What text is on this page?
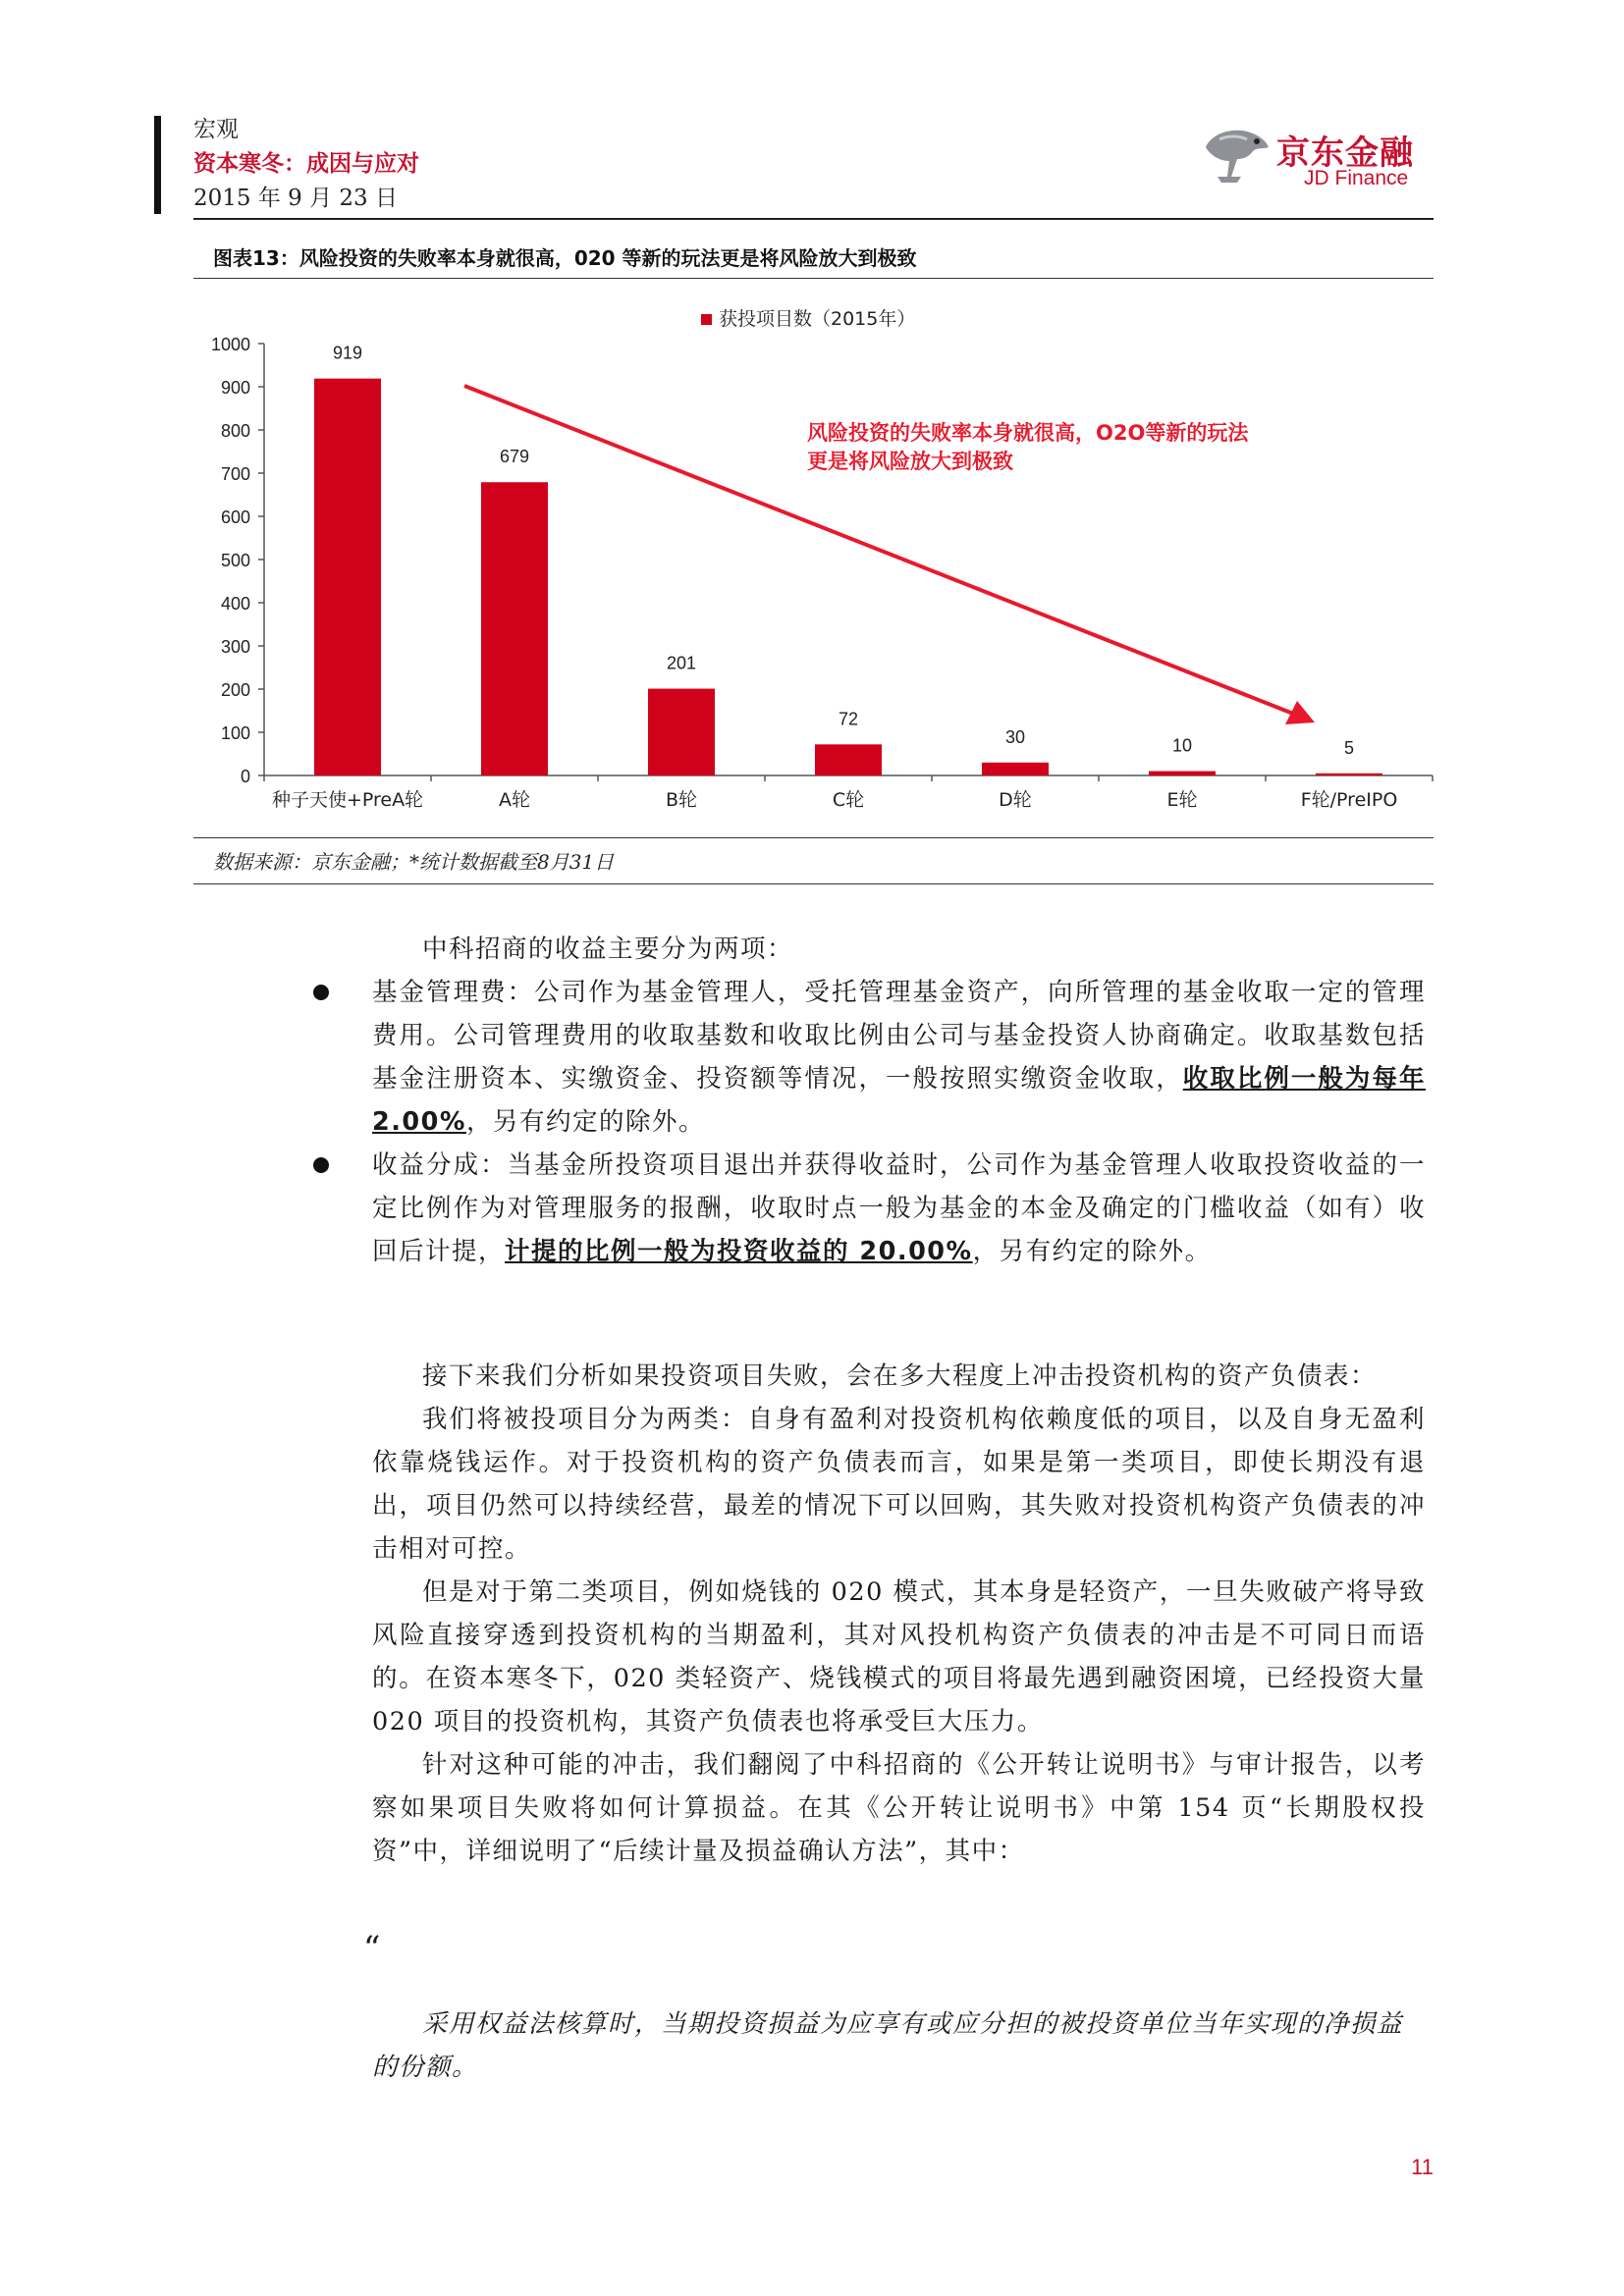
宏观
资本寒冬：成因与应对
2015 年 9 月 23 日
京东金融
JD Finance
图表13：风险投资的失败率本身就很高，020 等新的玩法更是将风险放大到极致
0
100
200
300
400
500
600
700
800
900
1000	919
种子天使+PreA轮
679
A轮
201
B轮
72
C轮
30
D轮
10
E轮
5
F轮/PreIPO
获投项目数（2015年）
风险投资的失败率本身就很高，O2O等新的玩法
更是将风险放大到极致
数据来源：京东金融；*统计数据截至8月31日

中科招商的收益主要分为两项：

基金管理费：公司作为基金管理人，受托管理基金资产，向所管理的基金收取一定的管理费用。公司管理费用的收取基数和收取比例由公司与基金投资人协商确定。收取基数包括基金注册资本、实缴资金、投资额等情况，一般按照实缴资金收取，收取比例一般为每年 2.00%，另有约定的除外。

收益分成：当基金所投资项目退出并获得收益时，公司作为基金管理人收取投资收益的一定比例作为对管理服务的报酬，收取时点一般为基金的本金及确定的门槛收益（如有）收回后计提，计提的比例一般为投资收益的 20.00%，另有约定的除外。

接下来我们分析如果投资项目失败，会在多大程度上冲击投资机构的资产负债表：

我们将被投项目分为两类：自身有盈利对投资机构依赖度低的项目，以及自身无盈利依靠烧钱运作。对于投资机构的资产负债表而言，如果是第一类项目，即使长期没有退出，项目仍然可以持续经营，最差的情况下可以回购，其失败对投资机构资产负债表的冲击相对可控。

但是对于第二类项目，例如烧钱的 020 模式，其本身是轻资产，一旦失败破产将导致风险直接穿透到投资机构的当期盈利，其对风投机构资产负债表的冲击是不可同日而语的。在资本寒冬下，020 类轻资产、烧钱模式的项目将最先遇到融资困境，已经投资大量 020 项目的投资机构，其资产负债表也将承受巨大压力。

针对这种可能的冲击，我们翻阅了中科招商的《公开转让说明书》与审计报告，以考察如果项目失败将如何计算损益。在其《公开转让说明书》中第 154 页“长期股权投资”中，详细说明了“后续计量及损益确认方法”，其中：

“
采用权益法核算时，当期投资损益为应享有或应分担的被投资单位当年实现的净损益的份额。
11
